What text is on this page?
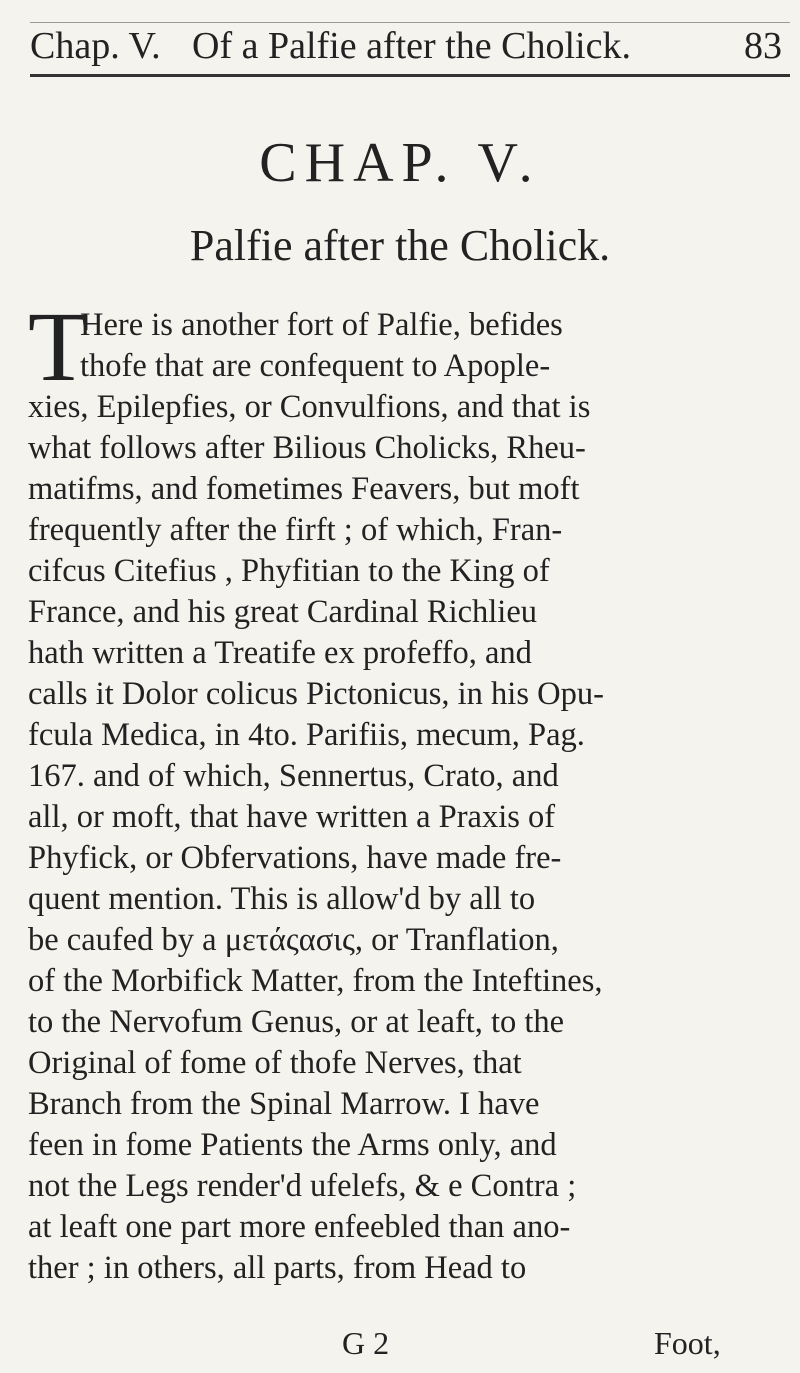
Chap. V. Of a Palfie after the Cholick.	83
CHAP. V.
Palfie after the Cholick.
T
Here is another fort of Palfie, befides
thofe that are confequent to Apople-
xies, Epilepfies, or Convulfions, and that is
what follows after Bilious Cholicks, Rheu-
matifms, and fometimes Feavers, but moft
frequently after the firft ; of which, Fran-
cifcus Citefius , Phyfitian to the King of
France, and his great Cardinal Richlieu
hath written a Treatife ex profeffo, and
calls it Dolor colicus Pictonicus, in his Opu-
fcula Medica, in 4to. Parifiis, mecum, Pag.
167. and of which, Sennertus, Crato, and
all, or moft, that have written a Praxis of
Phyfick, or Obfervations, have made fre-
quent mention. This is allow'd by all to
be caufed by a μετάςασις, or Tranflation,
of the Morbifick Matter, from the Inteftines,
to the Nervofum Genus, or at leaft, to the
Original of fome of thofe Nerves, that
Branch from the Spinal Marrow. I have
feen in fome Patients the Arms only, and
not the Legs render'd ufelefs, & e Contra ;
at leaft one part more enfeebled than ano-
ther ; in others, all parts, from Head to
G 2	Foot,
